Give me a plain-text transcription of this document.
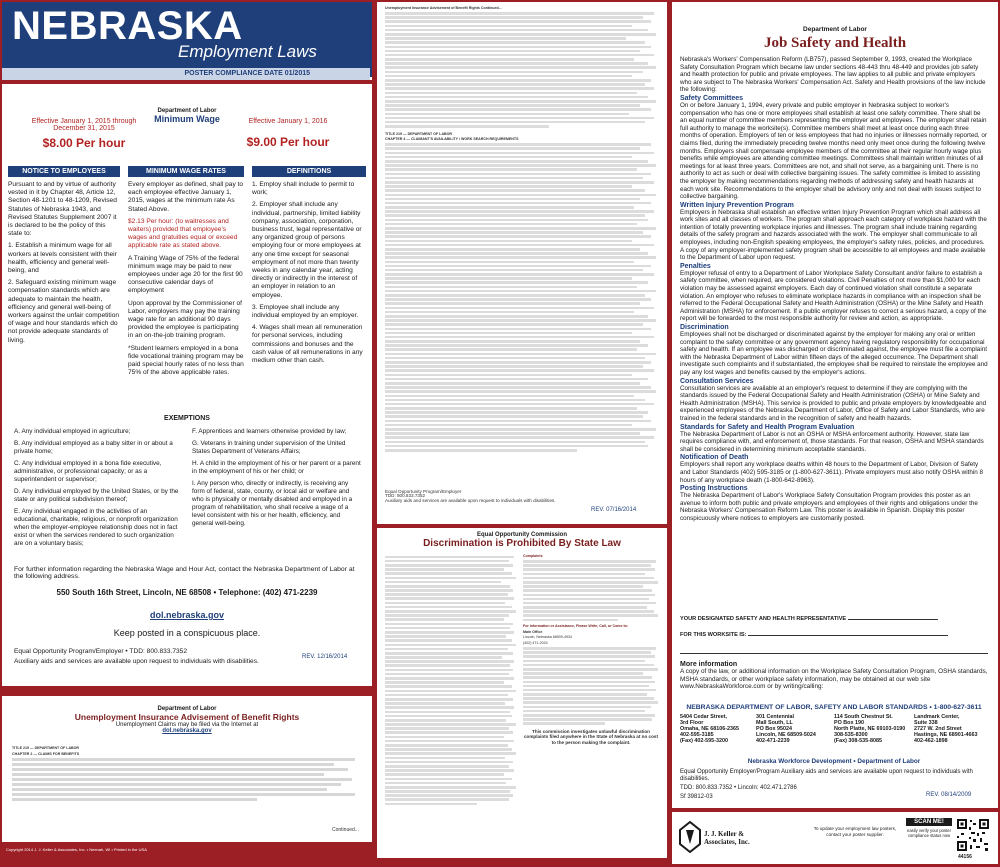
NEBRASKA
Employment Laws
POSTER COMPLIANCE DATE 01/2015
Department of Labor
Minimum Wage
Effective January 1, 2015 through December 31, 2015
$8.00 Per hour
Effective January 1, 2016
$9.00 Per hour
NOTICE TO EMPLOYEES

Pursuant to and by virtue of authority vested in it by Chapter 48, Article 12, Section 48-1201 to 48-1209, Revised Statutes of Nebraska 1943, and Revised Statutes Supplement 2007 it is declared to be the policy of this state to:

1. Establish a minimum wage for all workers at levels consistent with their health, efficiency and general well-being, and

2. Safeguard existing minimum wage compensation standards which are adequate to maintain the health, efficiency and general well-being of workers against the unfair competition of wage and hour standards which do not provide adequate standards of living.

MINIMUM WAGE RATES

Every employer as defined, shall pay to each employee effective January 1, 2015, wages at the minimum rate As Stated Above.

$2.13 Per hour: (to waitresses and waiters) provided that employee's wages and gratuities equal or exceed applicable rate as stated above.

A Training Wage of 75% of the federal minimum wage may be paid to new employees under age 20 for the first 90 consecutive calendar days of employment

Upon approval by the Commissioner of Labor, employers may pay the training wage rate for an additional 90 days provided the employee is participating in an on-the-job training program.

*Student learners employed in a bona fide vocational training program may be paid special hourly rates of no less than 75% of the above applicable rates.

DEFINITIONS

1. Employ shall include to permit to work;

2. Employer shall include any individual, partnership, limited liability company, association, corporation, business trust, legal representative or any organized group of persons employing four or more employees at any one time except for seasonal employment of not more than twenty weeks in any calendar year, acting directly or indirectly in the interest of an employer in relation to an employee.

3. Employee shall include any individual employed by an employer.

4. Wages shall mean all remuneration for personal services, including commissions and bonuses and the cash value of all remunerations in any medium other than cash.

EXEMPTIONS

A. Any individual employed in agriculture;

B. Any individual employed as a baby sitter in or about a private home;

C. Any individual employed in a bona fide executive, administrative, or professional capacity; or as a superintendent or supervisor;

D. Any individual employed by the United States, or by the state or any political subdivision thereof;

E. Any individual engaged in the activities of an educational, charitable, religious, or nonprofit organization when the employer-employee relationship does not in fact exist or when the services rendered to such organization are on a voluntary basis;

F. Apprentices and learners otherwise provided by law;

G. Veterans in training under supervision of the United States Department of Veterans Affairs;

H. A child in the employment of his or her parent or a parent in the employment of his or her child; or

I. Any person who, directly or indirectly, is receiving any form of federal, state, county, or local aid or welfare and who is physically or mentally disabled and employed in a program of rehabilitation, who shall receive a wage of a level consistent with his or her health, efficiency, and general well-being.

For further information regarding the Nebraska Wage and Hour Act, contact the Nebraska Department of Labor at the following address.
550 South 16th Street, Lincoln, NE 68508 • Telephone: (402) 471-2239
dol.nebraska.gov
Keep posted in a conspicuous place.
Equal Opportunity Program/Employer • TDD: 800.833.7352
Auxiliary aids and services are available upon request to individuals with disabilities.
REV. 12/16/2014
Department of Labor
Unemployment Insurance Advisement of Benefit Rights
Unemployment Claims may be filed via the Internet at
dol.nebraska.gov

TITLE 219 — DEPARTMENT OF LABOR

CHAPTER 2 — CLAIMS FOR BENEFITS

Continued...
Copyright 2014 J. J. Keller & Associates, Inc. • Neenah, WI • Printed in the USA

Unemployment Insurance Advisement of Benefit Rights Continued...

TITLE 219 — DEPARTMENT OF LABOR

CHAPTER 4 — CLAIMANT'S AVAILABILITY / WORK SEARCH REQUIREMENTS

Equal Opportunity Program/Employer
TDD: 800.833.7352
Auxiliary aids and services are available upon request to individuals with disabilities.
REV. 07/16/2014
Equal Opportunity Commission
Discrimination is Prohibited By State Law

Complaints

For Information or Assistance, Please Write, Call, or Come to:

Main Office

Lincoln, Nebraska 68509-4934

(402) 471-2024

This commission investigates unlawful discrimination complaints filed anywhere in the State of Nebraska at no cost to the person making the complaint.

Department of Labor
Job Safety and Health

Nebraska's Workers' Compensation Reform (LB757), passed September 9, 1993, created the Workplace Safety Consultation Program which became law under sections 48-443 thru 48-449 and provides job safety and health protection for public and private employees. The law applies to all public and private employers who are subject to The Nebraska Workers' Compensation Act. Safety and Health provisions of the law include the following:

Safety Committees

On or before January 1, 1994, every private and public employer in Nebraska subject to worker's compensation who has one or more employees shall establish at least one safety committee. There shall be an equal number of committee members representing the employer and employees. The employer shall retain full authority to manage the worksite(s). Committee members shall meet at least once during each three months of operation. Employers of ten or less employees that had no injuries or illnesses normally reported, or claims filed, during the immediately preceding twelve months need only meet once during the following twelve months. Employers shall compensate employee members of the committee at their regular hourly wage plus benefits while employees are attending committee meetings. Committees shall maintain written minutes of all meetings for at least three years. Committees are not, and shall not serve, as a bargaining unit. There is no authority to act as such or deal with collective bargaining issues. The safety committee is limited to assisting the employer by making recommendations regarding methods of addressing safety and health hazards at each work site. Recommendations to the employer shall be advisory only and not deal with issues subject to collective bargaining.

Written Injury Prevention Program

Employers in Nebraska shall establish an effective written Injury Prevention Program which shall address all work sites and all classes of workers. The program shall approach each category of workplace hazard with the intention of totally preventing workplace injuries and illnesses. The program shall include training regarding details of the safety program and hazards associated with the work. The employer shall communicate to all employees, including non-English speaking employees, the employer's safety rules, policies, and procedures. A copy of any employer-implemented safety program shall be accessible to all employees and made available to the Department of Labor upon request.

Penalties

Employer refusal of entry to a Department of Labor Workplace Safety Consultant and/or failure to establish a safety committee, when required, are considered violations. Civil Penalties of not more than $1,000 for each violation may be assessed against employers. Each day of continued violation shall constitute a separate violation. An employer who refuses to eliminate workplace hazards in compliance with an inspection shall be referred to the Federal Occupational Safety and Health Administration (OSHA) or the Mine Safety and Health Administration (MSHA) for enforcement. If a public employer refuses to correct a serious hazard, a copy of the report will be forwarded to the most responsible authority for review and action, as appropriate.

Discrimination

Employees shall not be discharged or discriminated against by the employer for making any oral or written complaint to the safety committee or any government agency having regulatory responsibility for occupational safety and health. If an employee was discharged or discriminated against, the employee must file a complaint with the Nebraska Department of Labor within fifteen days of the alleged occurrence. The Department shall investigate such complaints and if substantiated, the employee shall be required to reinstate the employee and pay any lost wages and benefits caused by the employer's actions.

Consultation Services

Consultation services are available at an employer's request to determine if they are complying with the standards issued by the Federal Occupational Safety and Health Administration (OSHA) or Mine Safety and Health Administration (MSHA). This service is provided to public and private employers by knowledgeable and experienced employees of the Nebraska Department of Labor, Office of Safety and Labor Standards, who are trained in the federal standards and in the recognition of safety and health hazards.

Standards for Safety and Health Program Evaluation

The Nebraska Department of Labor is not an OSHA or MSHA enforcement authority. However, state law requires compliance with, and enforcement of, those standards. For that reason, OSHA and MSHA standards shall be considered in determining minimum acceptable standards.

Notification of Death

Employers shall report any workplace deaths within 48 hours to the Department of Labor, Division of Safety and Labor Standards (402) 595-3185 or (1-800-627-3611). Private employers must also notify OSHA within 8 hours of any workplace death (1-800-642-8963).

Posting Instructions

The Nebraska Department of Labor's Workplace Safety Consultation Program provides this poster as an avenue to inform both public and private employers and employees of their rights and obligations under the Nebraska Workers' Compensation Reform Law. This poster is available in Spanish. Display this poster conspicuously where notices to employers are customarily posted.

YOUR DESIGNATED SAFETY AND HEALTH REPRESENTATIVE
FOR THIS WORKSITE IS:
More information

A copy of the law, or additional information on the Workplace Safety Consultation Program, OSHA standards, MSHA standards, or other workplace safety information, may be obtained at our web site www.NebraskaWorkforce.com or by writing/calling:

NEBRASKA DEPARTMENT OF LABOR, SAFETY AND LABOR STANDARDS • 1-800-627-3611
5404 Cedar Street,
3rd Floor
Omaha, NE 68106-2365
402-595-3185
(Fax) 402-595-3200
301 Centennial
Mall South, LL
PO Box 95024
Lincoln, NE 68509-5024
402-471-2239
114 South Chestnut St.
PO Box 190
North Platte, NE 69103-0190
308-535-8300
(Fax) 308-535-8085
Landmark Center,
Suite 338
2727 W. 2nd Street
Hastings, NE 68901-4663
402-462-1898
Nebraska Workforce Development • Department of Labor
Equal Opportunity Employer/Program Auxiliary aids and services are available upon request to individuals with disabilities.
TDD: 800.833.7352 • Lincoln: 402.471.2786
Sf 39812-03	REV. 08/14/2009
J. J. Keller & Associates, Inc.
To update your employment law posters, contact your poster supplier.
SCAN ME!
easily verify your poster compliance status now
44156
